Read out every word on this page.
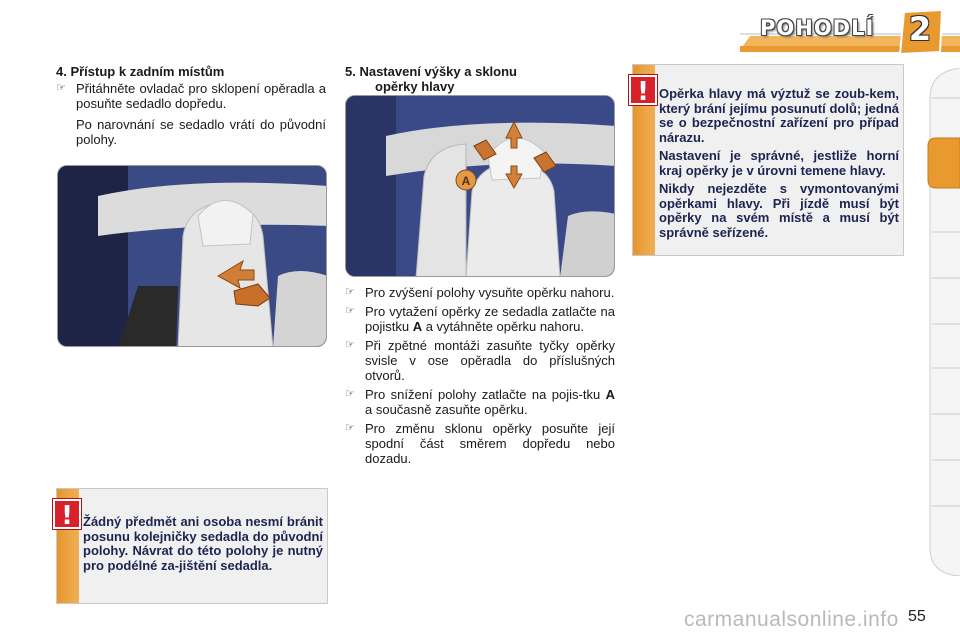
POHODLÍ	2
4. Přístup k zadním místům
☞ Přitáhněte ovladač pro sklopení opěradla a posuňte sedadlo dopředu.
Po narovnání se sedadlo vrátí do původní polohy.
5. Nastavení výšky a sklonu
opěrky hlavy
A
☞ Pro zvýšení polohy vysuňte opěrku nahoru.
☞ Pro vytažení opěrky ze sedadla zatlačte na pojistku A a vytáhněte opěrku nahoru.
☞ Při zpětné montáži zasuňte tyčky opěrky svisle v ose opěradla do příslušných otvorů.
☞ Pro snížení polohy zatlačte na pojis-tku A a současně zasuňte opěrku.
☞ Pro změnu sklonu opěrky posuňte její spodní část směrem dopředu nebo dozadu.
! Opěrka hlavy má výztuž se zoub-kem, který brání jejímu posunutí dolů; jedná se o bezpečnostní zařízení pro případ nárazu.

Nastavení je správné, jestliže horní kraj opěrky je v úrovni temene hlavy.

Nikdy nejezděte s vymontovanými opěrkami hlavy. Při jízdě musí být opěrky na svém místě a musí být správně seřízené.

! Žádný předmět ani osoba nesmí bránit posunu kolejničky sedadla do původní polohy. Návrat do této polohy je nutný pro podélné za-jištění sedadla.
carmanualsonline.info 55
